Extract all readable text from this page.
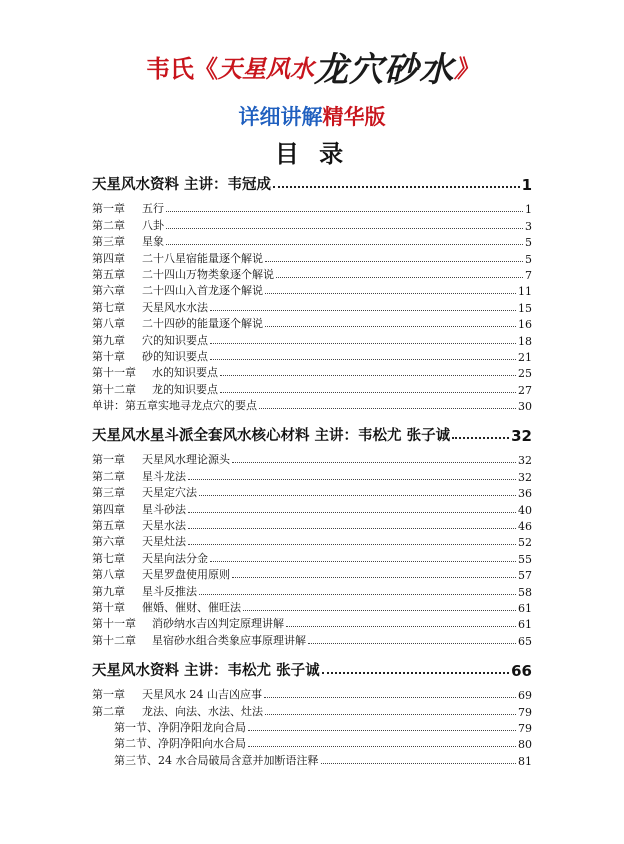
韦氏《天星风水龙穴砂水》
详细讲解精华版
目 录
天星风水资料 主讲：韦冠成	1
第一章 五行	1
第二章 八卦	3
第三章 星象	5
第四章 二十八星宿能量逐个解说	5
第五章 二十四山万物类象逐个解说	7
第六章 二十四山入首龙逐个解说	11
第七章 天星风水水法	15
第八章 二十四砂的能量逐个解说	16
第九章 穴的知识要点	18
第十章 砂的知识要点	21
第十一章 水的知识要点	25
第十二章 龙的知识要点	27
单讲：第五章实地寻龙点穴的要点	30
天星风水星斗派全套风水核心材料 主讲：韦松尤 张子诚	32
第一章 天星风水理论源头	32
第二章 星斗龙法	32
第三章 天星定穴法	36
第四章 星斗砂法	40
第五章 天星水法	46
第六章 天星灶法	52
第七章 天星向法分金	55
第八章 天星罗盘使用原则	57
第九章 星斗反推法	58
第十章 催婚、催财、催旺法	61
第十一章 消砂纳水吉凶判定原理讲解	61
第十二章 星宿砂水组合类象应事原理讲解	65
天星风水资料 主讲：韦松尤 张子诚	66
第一章 天星风水 24 山吉凶应事	69
第二章 龙法、向法、水法、灶法	79
第一节、净阴净阳龙向合局	79
第二节、净阴净阳向水合局	80
第三节、24 水合局破局含意并加断语注释	81
